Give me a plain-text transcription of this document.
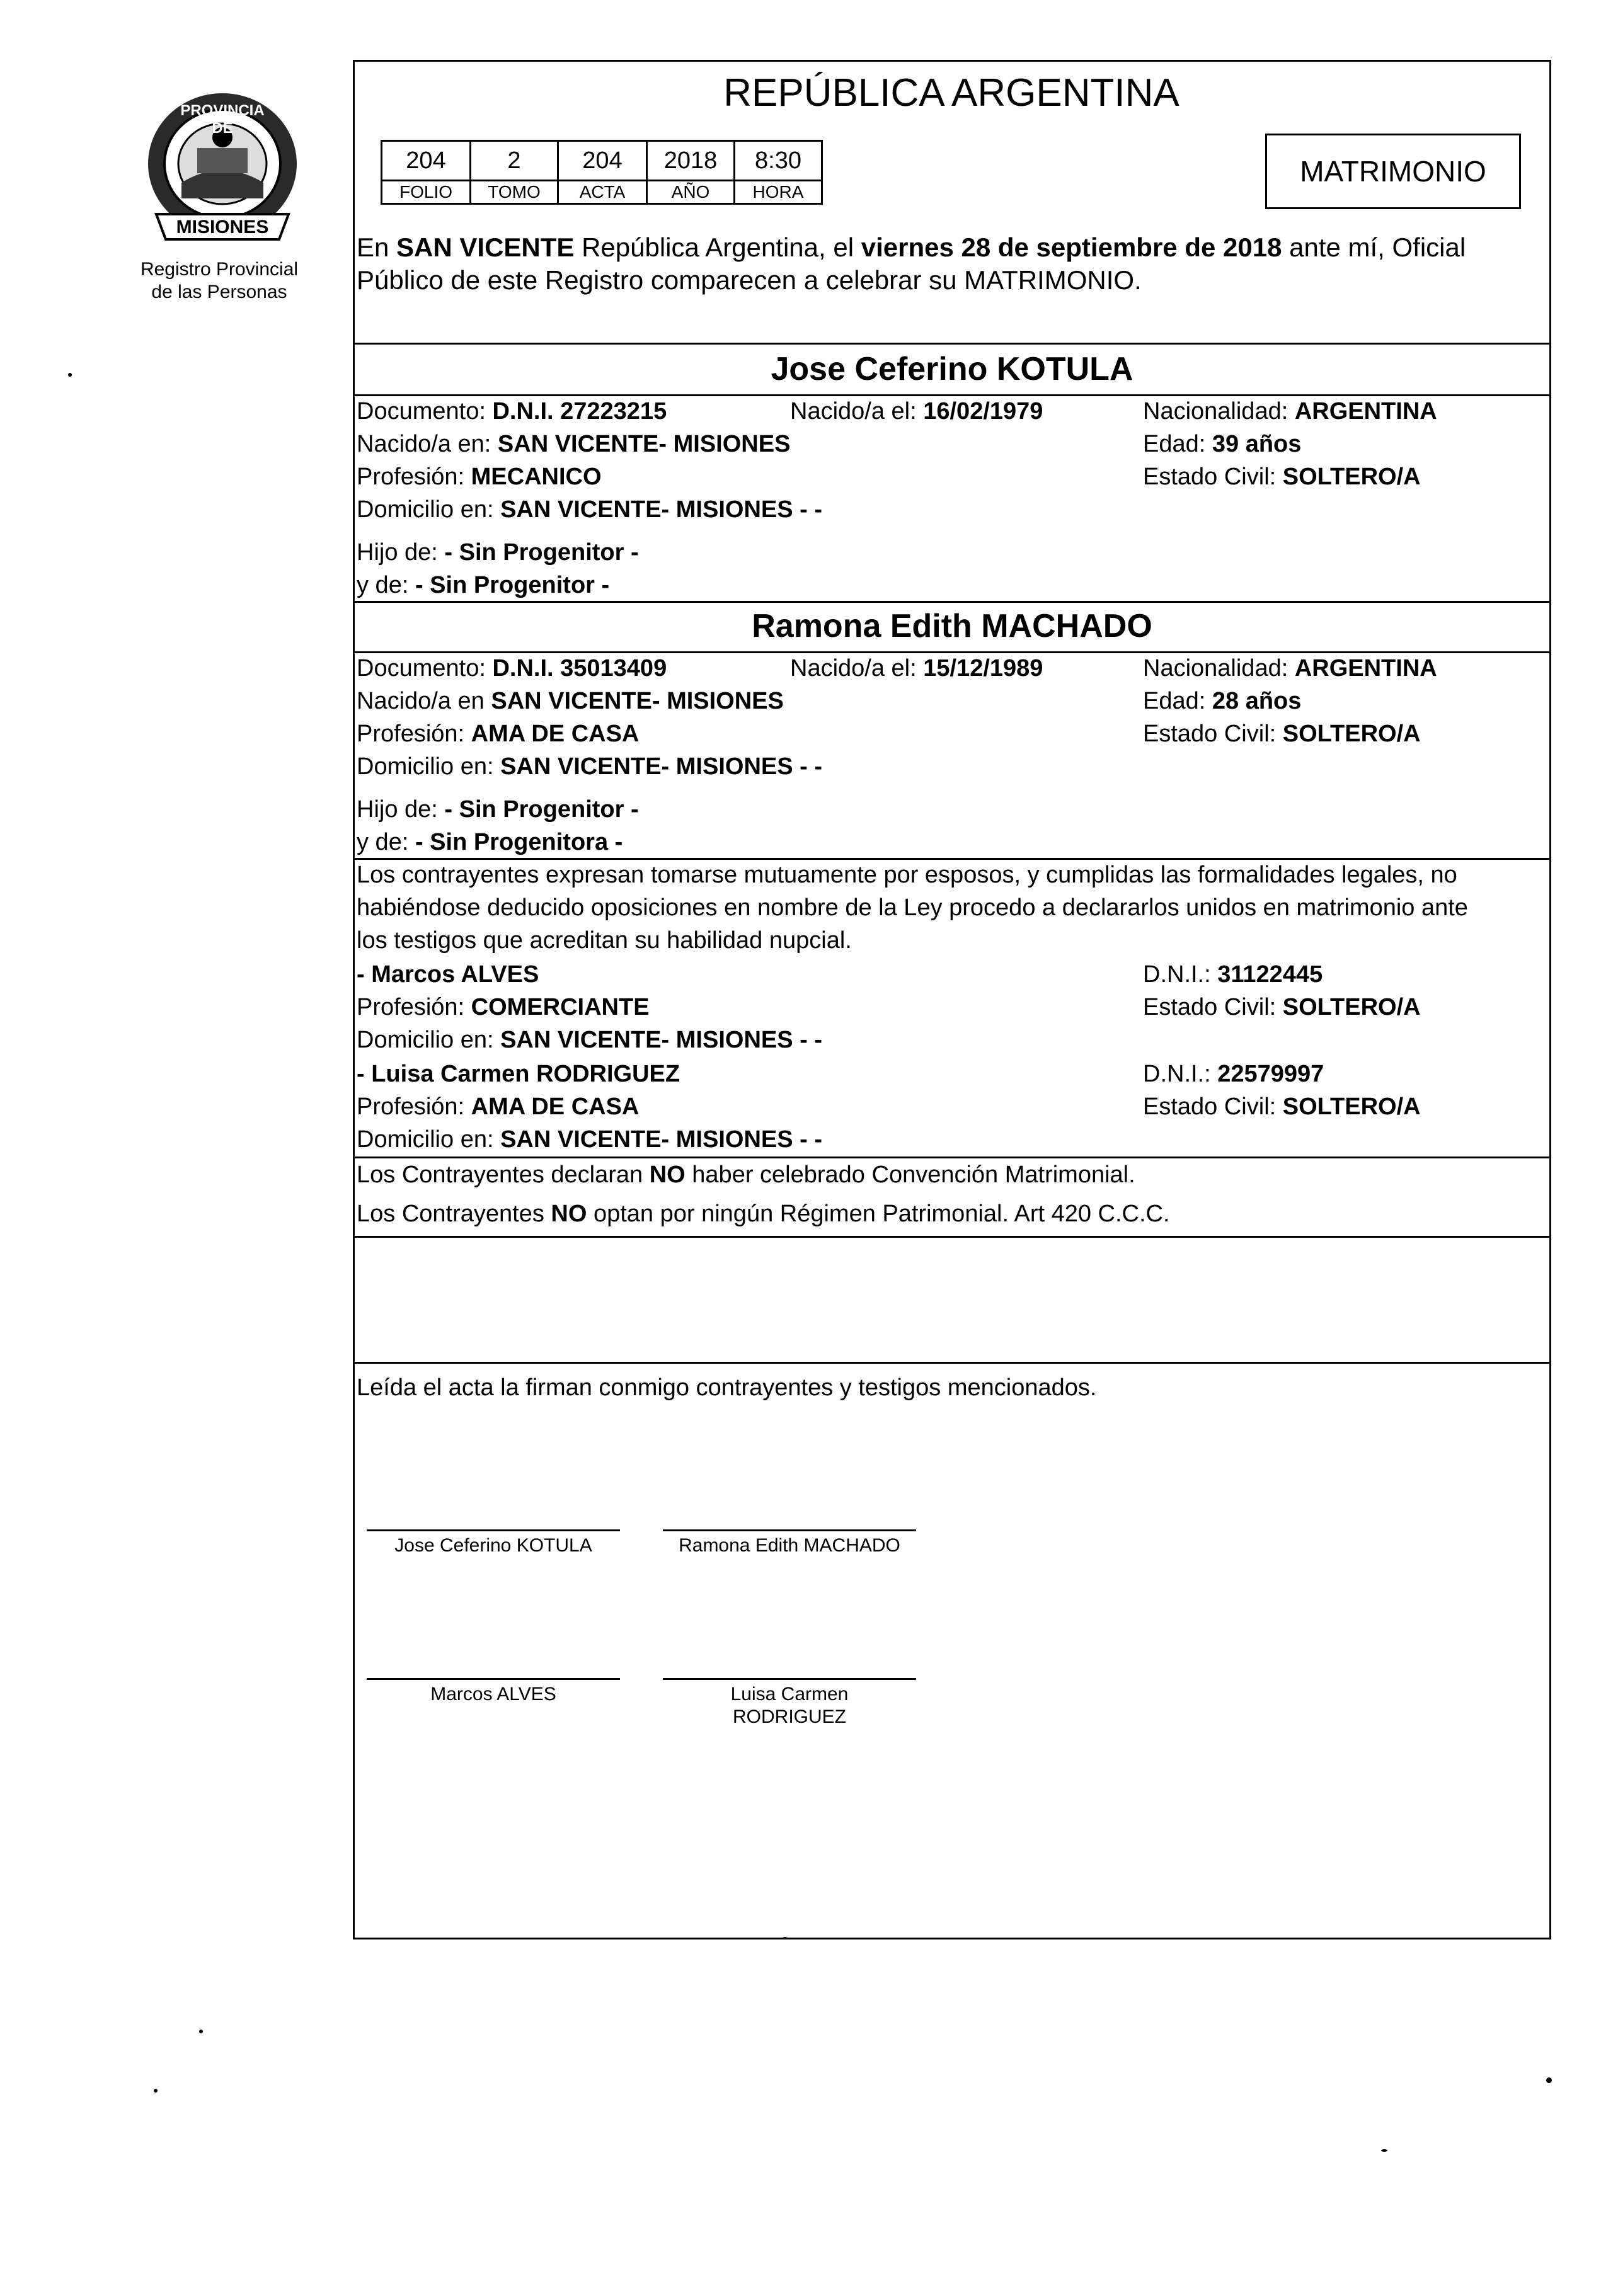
PROVINCIA DE
MISIONES
Registro Provincial
de las Personas
REPÚBLICA ARGENTINA
204	2	204	2018	8:30
FOLIO	TOMO	ACTA	AÑO	HORA
MATRIMONIO
En SAN VICENTE República Argentina, el viernes 28 de septiembre de 2018 ante mí, Oficial
Público de este Registro comparecen a celebrar su MATRIMONIO.
Jose Ceferino KOTULA
Documento: D.N.I. 27223215	Nacido/a el: 16/02/1979	Nacionalidad: ARGENTINA
Nacido/a en: SAN VICENTE- MISIONES	Edad: 39 años
Profesión: MECANICO	Estado Civil: SOLTERO/A
Domicilio en: SAN VICENTE- MISIONES - -
Hijo de: - Sin Progenitor -
y de: - Sin Progenitor -
Ramona Edith MACHADO
Documento: D.N.I. 35013409	Nacido/a el: 15/12/1989	Nacionalidad: ARGENTINA
Nacido/a en SAN VICENTE- MISIONES	Edad: 28 años
Profesión: AMA DE CASA	Estado Civil: SOLTERO/A
Domicilio en: SAN VICENTE- MISIONES - -
Hijo de: - Sin Progenitor -
y de: - Sin Progenitora -
Los contrayentes expresan tomarse mutuamente por esposos, y cumplidas las formalidades legales, no
habiéndose deducido oposiciones en nombre de la Ley procedo a declararlos unidos en matrimonio ante
los testigos que acreditan su habilidad nupcial.
- Marcos ALVES	D.N.I.: 31122445
Profesión: COMERCIANTE	Estado Civil: SOLTERO/A
Domicilio en: SAN VICENTE- MISIONES - -
- Luisa Carmen RODRIGUEZ	D.N.I.: 22579997
Profesión: AMA DE CASA	Estado Civil: SOLTERO/A
Domicilio en: SAN VICENTE- MISIONES - -
Los Contrayentes declaran NO haber celebrado Convención Matrimonial.
Los Contrayentes NO optan por ningún Régimen Patrimonial. Art 420 C.C.C.
Leída el acta la firman conmigo contrayentes y testigos mencionados.
Jose Ceferino KOTULA	Ramona Edith MACHADO
Marcos ALVES	Luisa Carmen
RODRIGUEZ
